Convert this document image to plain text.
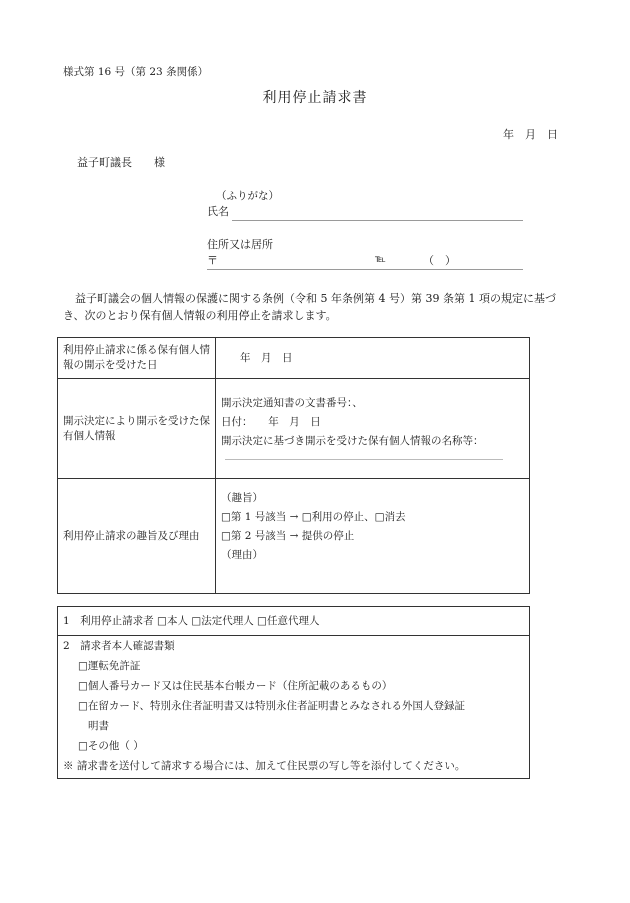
様式第 16 号（第 23 条関係）
利用停止請求書
年　月　日
益子町議長　　様
（ふりがな）
氏名
住所又は居所
〒	℡	（　）
益子町議会の個人情報の保護に関する条例（令和 5 年条例第 4 号）第 39 条第 1 項の規定に基づき、次のとおり保有個人情報の利用停止を請求します。
利用停止請求に係る保有個人情報の開示を受けた日	年　月　日
開示決定により開示を受けた保有個人情報	開示決定通知書の文書番号：、
日付：　　年　月　日
開示決定に基づき開示を受けた保有個人情報の名称等：

利用停止請求の趣旨及び理由	（趣旨）
□第 1 号該当 → □利用の停止、□消去
□第 2 号該当 → 提供の停止
（理由）

1　利用停止請求者 □本人 □法定代理人 □任意代理人

2　請求者本人確認書類
□運転免許証
□個人番号カード又は住民基本台帳カード（住所記載のあるもの）
□在留カード、特別永住者証明書又は特別永住者証明書とみなされる外国人登録証
明書
□その他（ ）
※ 請求書を送付して請求する場合には、加えて住民票の写し等を添付してください。
